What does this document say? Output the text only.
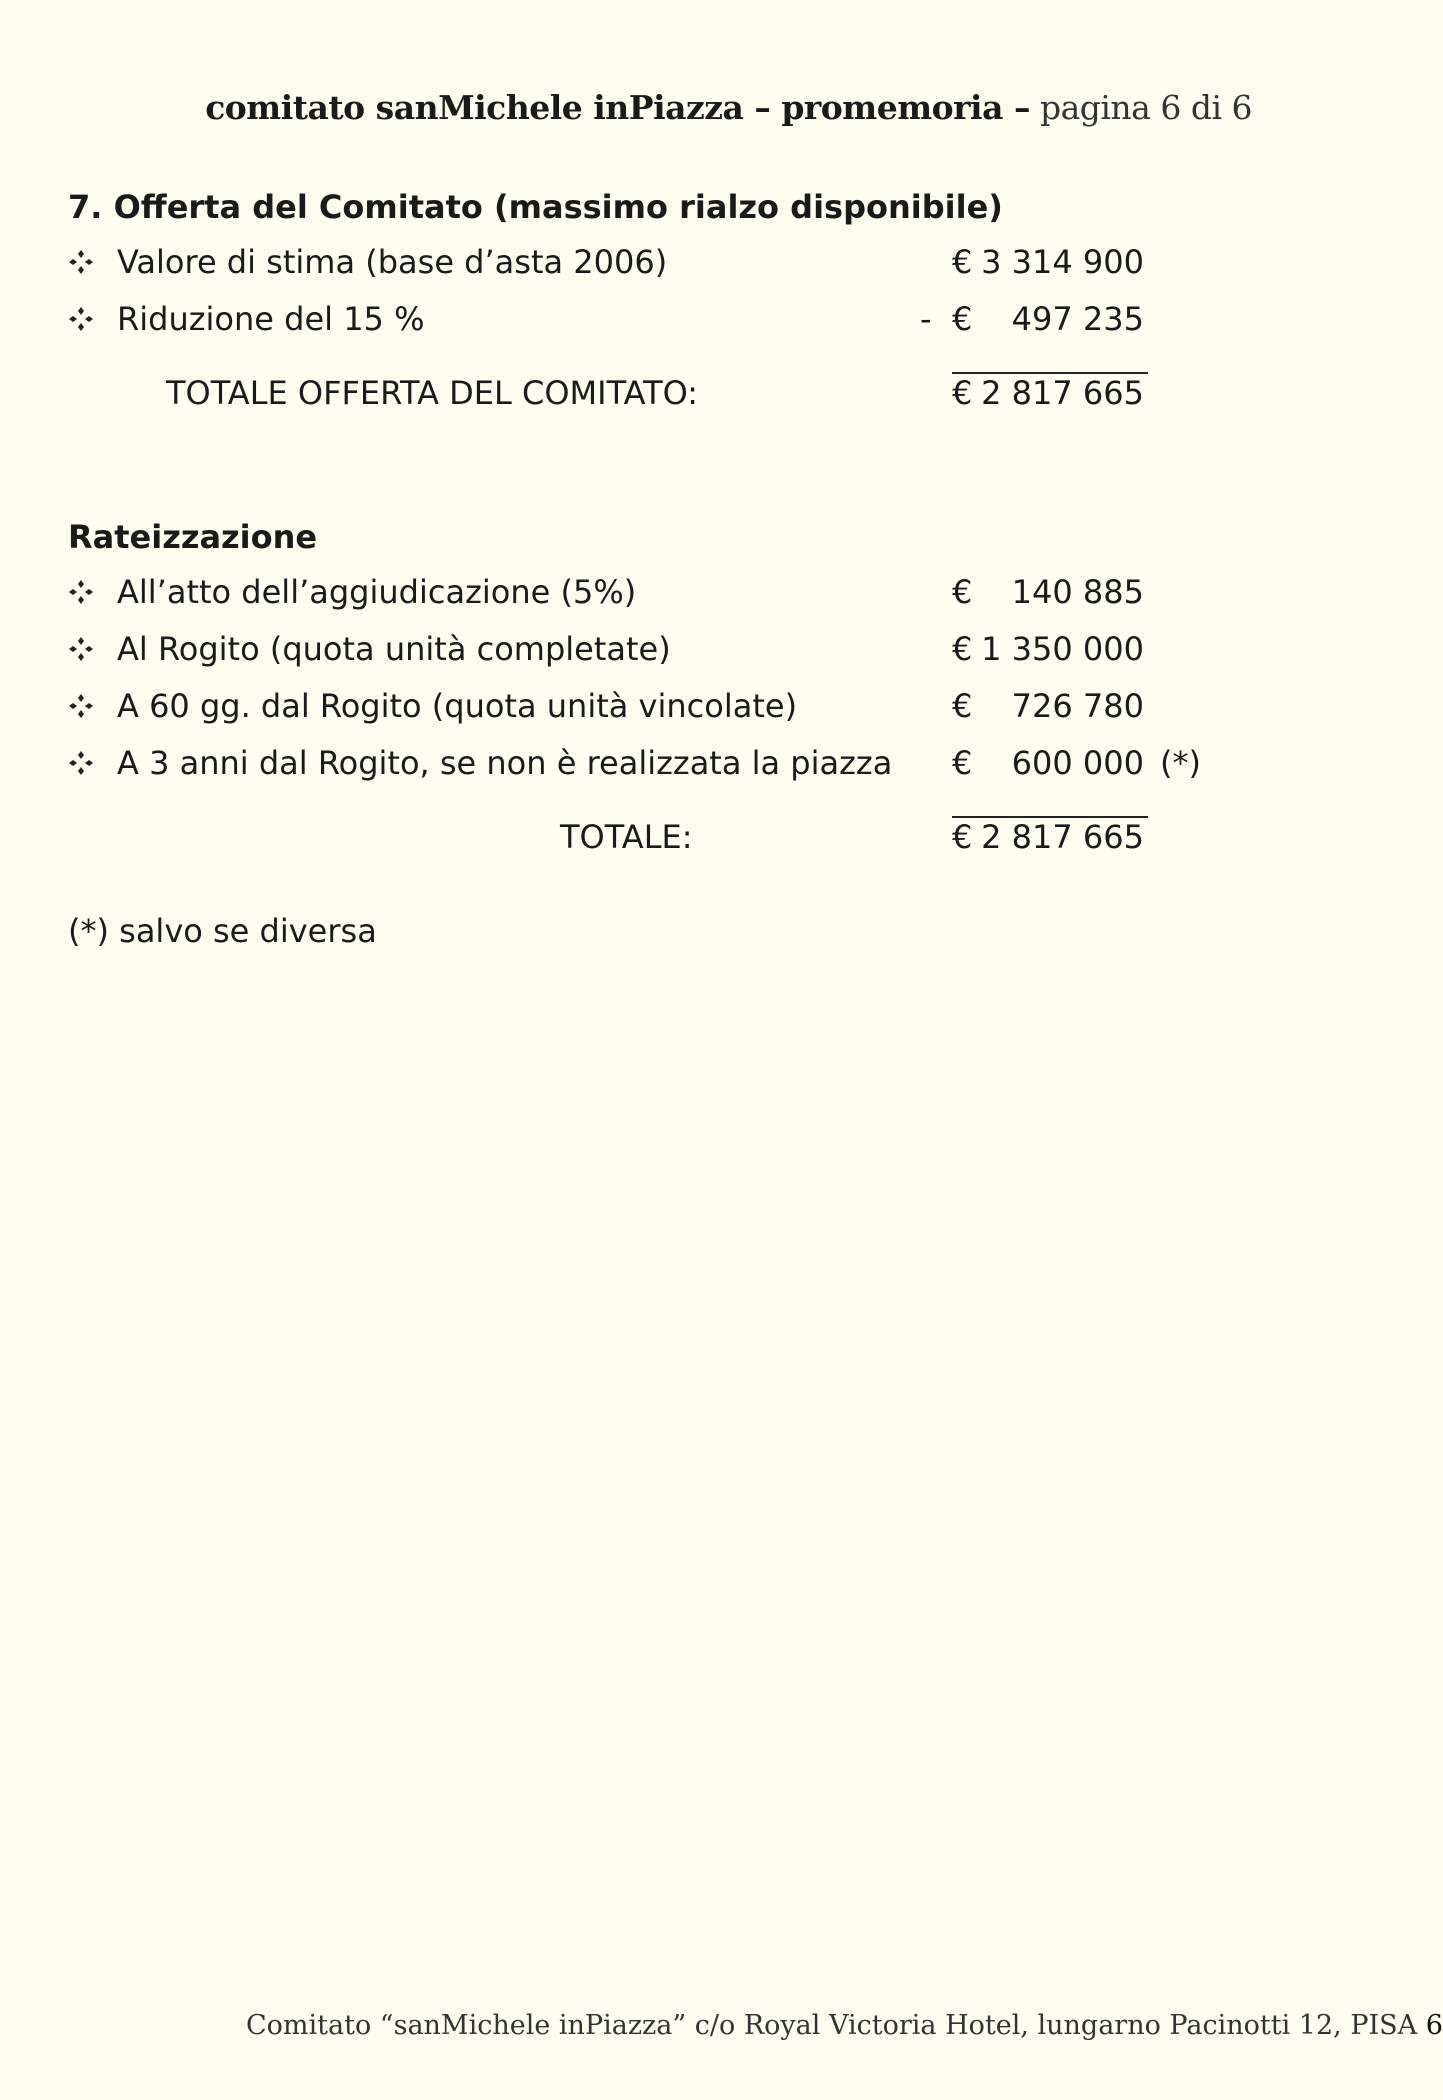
comitato sanMichele inPiazza – promemoria – pagina 6 di 6
7. Offerta del Comitato (massimo rialzo disponibile)
Valore di stima (base d’asta 2006)	€ 3 314 900
Riduzione del 15 %	- € 497 235
TOTALE OFFERTA DEL COMITATO:	€ 2 817 665
Rateizzazione
All’atto dell’aggiudicazione (5%)	€ 140 885
Al Rogito (quota unità completate)	€ 1 350 000
A 60 gg. dal Rogito (quota unità vincolate)	€ 726 780
A 3 anni dal Rogito, se non è realizzata la piazza € 600 000 (*)
TOTALE:	€ 2 817 665
(*) salvo se diversa
Comitato “sanMichele inPiazza” c/o Royal Victoria Hotel, lungarno Pacinotti 12, PISA 6
